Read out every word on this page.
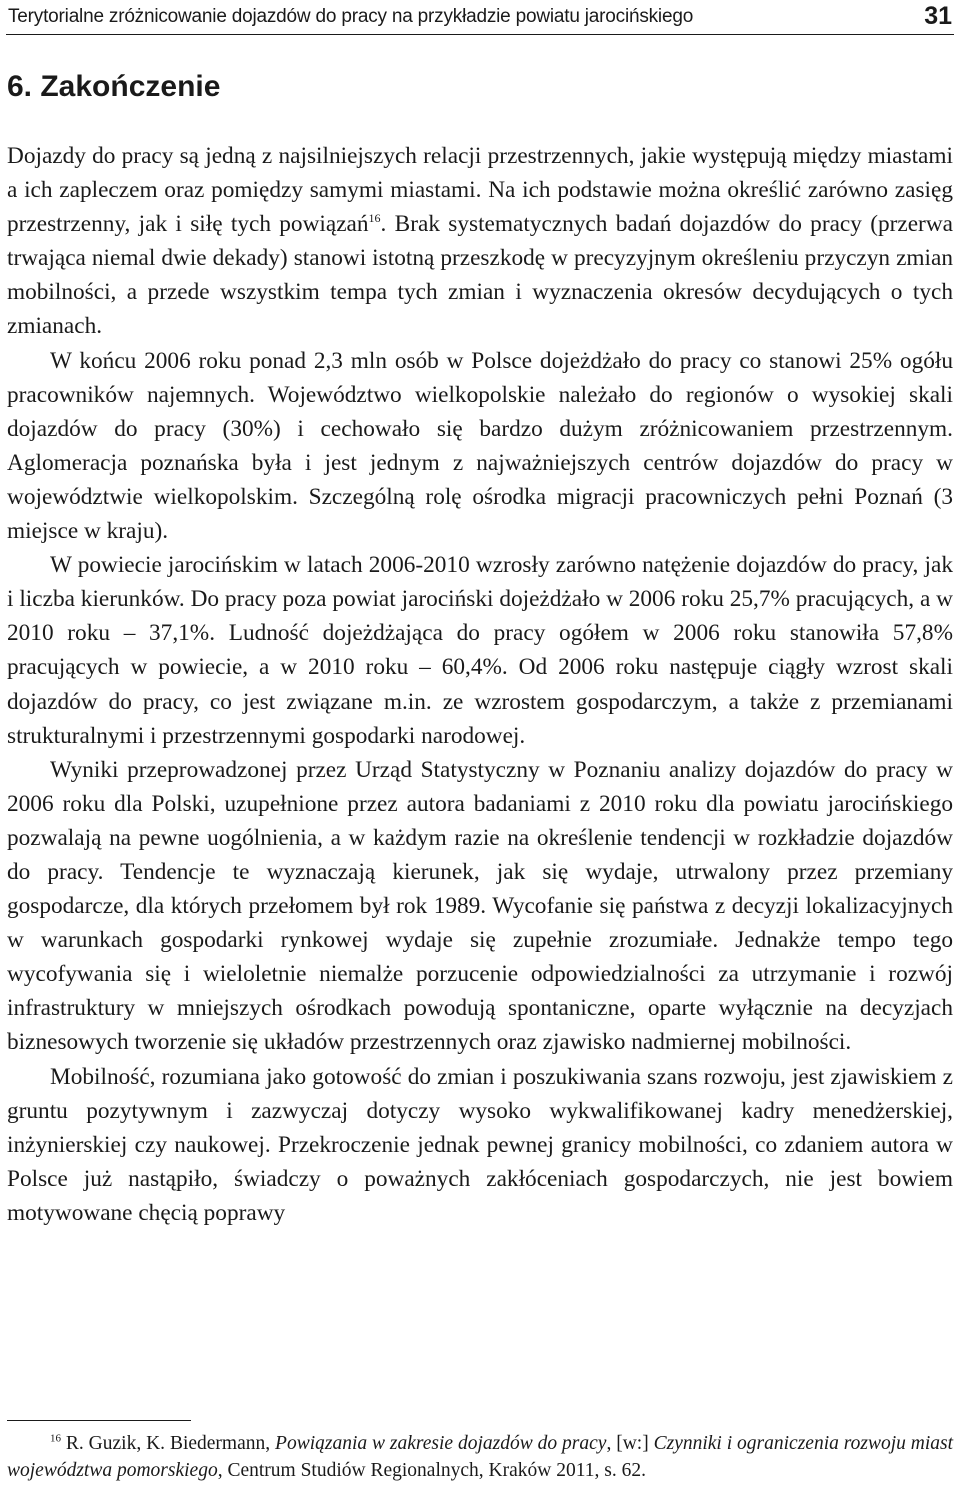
Terytorialne zróżnicowanie dojazdów do pracy na przykładzie powiatu jarocińskiego	31
6. Zakończenie

Dojazdy do pracy są jedną z najsilniejszych relacji przestrzennych, jakie występują między miastami a ich zapleczem oraz pomiędzy samymi miastami. Na ich podstawie można określić zarówno zasięg przestrzenny, jak i siłę tych powiązań$^{16}$. Brak systematycznych badań dojazdów do pracy (przerwa trwająca niemal dwie dekady) stanowi istotną przeszkodę w precyzyjnym określeniu przyczyn zmian mobilności, a przede wszystkim tempa tych zmian i wyznaczenia okresów decydujących o tych zmianach.

W końcu 2006 roku ponad 2,3 mln osób w Polsce dojeżdżało do pracy co stanowi 25% ogółu pracowników najemnych. Województwo wielkopolskie należało do regionów o wysokiej skali dojazdów do pracy (30%) i cechowało się bardzo dużym zróżnicowaniem przestrzennym. Aglomeracja poznańska była i jest jednym z najważniejszych centrów dojazdów do pracy w województwie wielkopolskim. Szczególną rolę ośrodka migracji pracowniczych pełni Poznań (3 miejsce w kraju).

W powiecie jarocińskim w latach 2006-2010 wzrosły zarówno natężenie dojazdów do pracy, jak i liczba kierunków. Do pracy poza powiat jarociński dojeżdżało w 2006 roku 25,7% pracujących, a w 2010 roku – 37,1%. Ludność dojeżdżająca do pracy ogółem w 2006 roku stanowiła 57,8% pracujących w powiecie, a w 2010 roku – 60,4%. Od 2006 roku następuje ciągły wzrost skali dojazdów do pracy, co jest związane m.in. ze wzrostem gospodarczym, a także z przemianami strukturalnymi i przestrzennymi gospodarki narodowej.

Wyniki przeprowadzonej przez Urząd Statystyczny w Poznaniu analizy dojazdów do pracy w 2006 roku dla Polski, uzupełnione przez autora badaniami z 2010 roku dla powiatu jarocińskiego pozwalają na pewne uogólnienia, a w każdym razie na określenie tendencji w rozkładzie dojazdów do pracy. Tendencje te wyznaczają kierunek, jak się wydaje, utrwalony przez przemiany gospodarcze, dla których przełomem był rok 1989. Wycofanie się państwa z decyzji lokalizacyjnych w warunkach gospodarki rynkowej wydaje się zupełnie zrozumiałe. Jednakże tempo tego wycofywania się i wieloletnie niemalże porzucenie odpowiedzialności za utrzymanie i rozwój infrastruktury w mniejszych ośrodkach powodują spontaniczne, oparte wyłącznie na decyzjach biznesowych tworzenie się układów przestrzennych oraz zjawisko nadmiernej mobilności.

Mobilność, rozumiana jako gotowość do zmian i poszukiwania szans rozwoju, jest zjawiskiem z gruntu pozytywnym i zazwyczaj dotyczy wysoko wykwalifikowanej kadry menedżerskiej, inżynierskiej czy naukowej. Przekroczenie jednak pewnej granicy mobilności, co zdaniem autora w Polsce już nastąpiło, świadczy o poważnych zakłóceniach gospodarczych, nie jest bowiem motywowane chęcią poprawy

$^{16}$ R. Guzik, K. Biedermann, Powiązania w zakresie dojazdów do pracy, [w:] Czynniki i ograniczenia rozwoju miast województwa pomorskiego, Centrum Studiów Regionalnych, Kraków 2011, s. 62.
